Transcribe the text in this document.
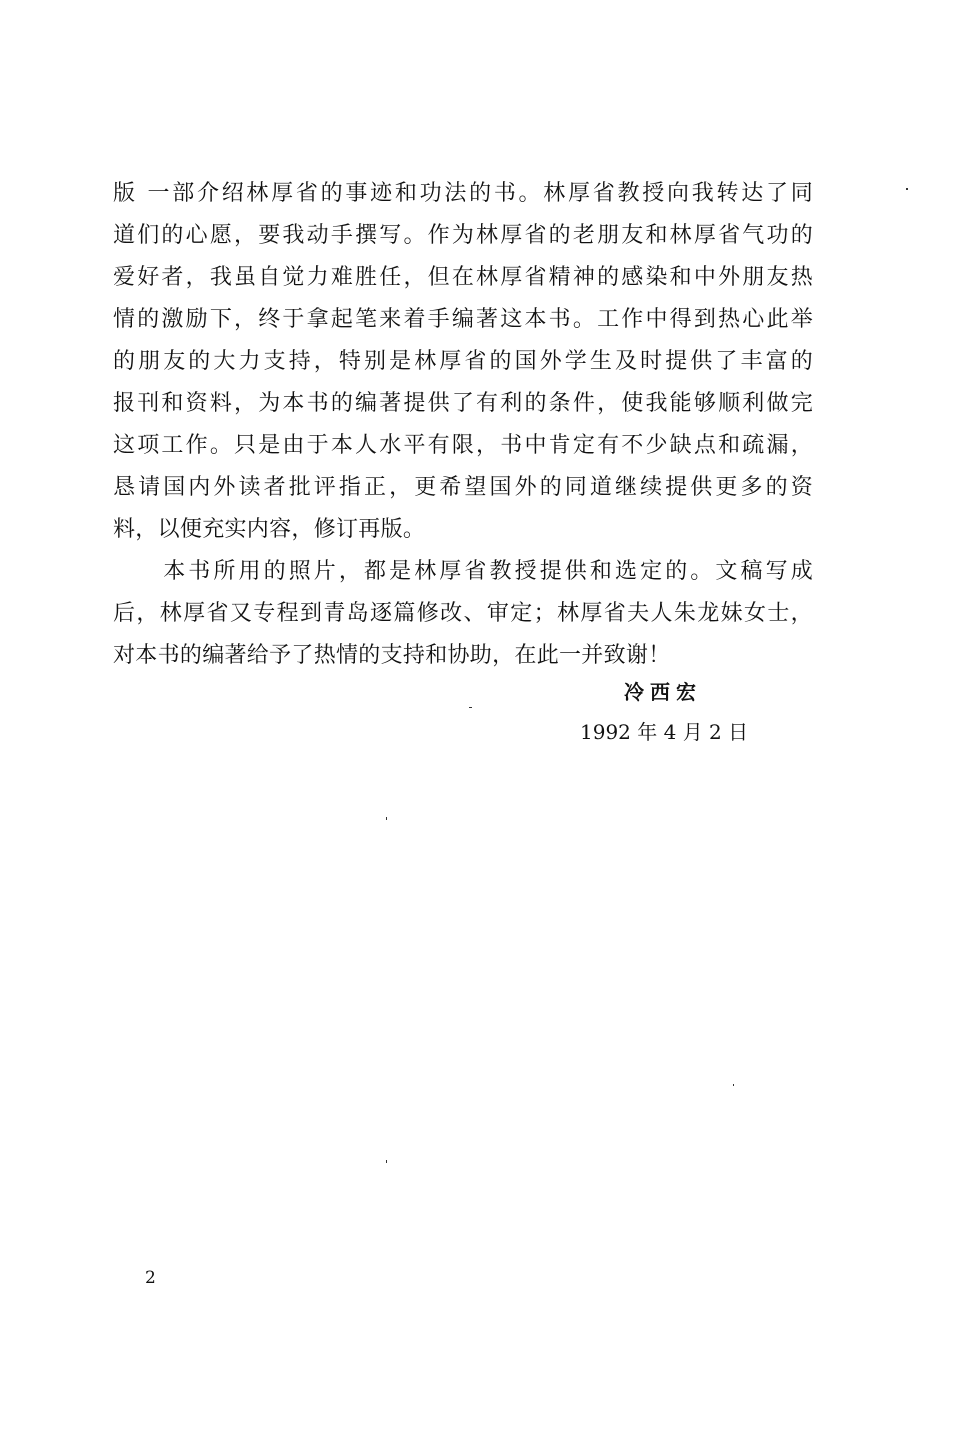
版 一部介绍林厚省的事迹和功法的书。林厚省教授向我转达了同
道们的心愿，要我动手撰写。作为林厚省的老朋友和林厚省气功的
爱好者，我虽自觉力难胜任，但在林厚省精神的感染和中外朋友热
情的激励下，终于拿起笔来着手编著这本书。工作中得到热心此举
的朋友的大力支持，特别是林厚省的国外学生及时提供了丰富的
报刊和资料，为本书的编著提供了有利的条件，使我能够顺利做完
这项工作。只是由于本人水平有限，书中肯定有不少缺点和疏漏，
恳请国内外读者批评指正，更希望国外的同道继续提供更多的资
料，以便充实内容，修订再版。
　　本书所用的照片，都是林厚省教授提供和选定的。文稿写成
后，林厚省又专程到青岛逐篇修改、审定；林厚省夫人朱龙妹女士，
对本书的编著给予了热情的支持和协助，在此一并致谢！
冷西宏
1992 年 4 月 2 日
2
